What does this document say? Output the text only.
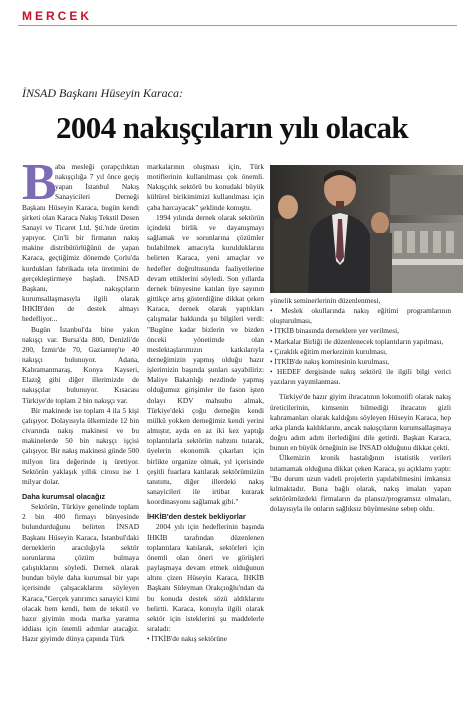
MERCEK
İNSAD Başkanı Hüseyin Karaca:
2004 nakışçıların yılı olacak

B
aba mesleği çorapçılıktan nakışçılığa 7 yıl önce geçiş yapan İstanbul Nakış Sanayicileri Derneği Başkanı Hüseyin Karaca, bugün kendi şirketi olan Karaca Nakış Tekstil Desen Sanayi ve Ticaret Ltd. Şti.'nde üretim yapıyor. Çin'li bir firmanın nakış makine distribütörlüğünü de yapan Karaca, geçtiğimiz dönemde Çorlu'da kurdukları fabrikada tela üretimini de gerçekleştirmeye başladı. İNSAD Başkanı, nakışçıların kurumsallaşmasıyla ilgili olarak İHKİB'den de destek almayı hedefliyor...

Bugün İstanbul'da bine yakın nakışçı var. Bursa'da 800, Denizli'de 200, İzmir'de 70, Gaziantep'te 40 nakışçı bulunuyor. Adana, Kahramanmaraş, Konya Kayseri, Elazığ gibi diğer illerimizde de nakışçılar bulunuyor. Kısacası Türkiye'de toplam 2 bin nakışçı var.

Bir makinede ise toplam 4 ila 5 kişi çalışıyor. Dolayısıyla ülkemizde 12 bin civarında nakış makinesi ve bu makinelerde 50 bin nakışçı işçisi çalışıyor. Bir nakış makinesi günde 500 milyon lira değerinde iş üretiyor. Sektörün yaklaşık yıllık cirosu ise 1 milyar dolar.

Daha kurumsal olacağız

Sektörün, Türkiye genelinde toplam 2 bin 400 firmayı bünyesinde bulundurduğunu belirten İNSAD Başkanı Hüseyin Karaca, İstanbul'daki derneklerin aracılığıyla sektör sorunlarına çözüm bulmaya çalıştıklarını söyledi. Dernek olarak bundan böyle daha kurumsal bir yapı içerisinde çalışacaklarını söyleyen Karaca,"Gerçek yatırımcı sanayici kimi olacak hem kendi, hem de tekstil ve hazır giyimin moda marka yaratma iddiası için önemli adımlar atacağız. Hazır giyimde dünya çapında Türk

markalarının oluşması için, Türk motiflerinin kullanılması çok önemli. Nakışçılık sektörü bu konudaki büyük kültürel birikimimizi kullanılması için çaba harcayacak" şeklinde konuştu.

1994 yılında dernek olarak sektörün içindeki birlik ve dayanışmayı sağlamak ve sorunlarına çözümler bulabilmek amacıyla kurulduklarını belirten Karaca, yeni amaçlar ve hedefler doğrultusunda faaliyetlerine devam ettiklerini söyledi. Son yıllarda dernek bünyesine katılan üye sayının gittikçe artış gösterdiğine dikkat çeken Karaca, dernek olarak yaptıkları çalışmalar hakkında şu bilgileri verdi: "Bugüne kadar bizlerin ve bizden önceki yönetimde olan meslektaşlarımızın katkılarıyla derneğimizin yapmış olduğu hazır işlerimizin başında şunları sayabiliriz: Maliye Bakanlığı nezdinde yapmış olduğumuz girişimler ile fason işten dolayı KDV mahsubu almak, Türkiye'deki çoğu derneğin kendi mülkü yokken derneğimiz kendi yerini almıştır, ayda en az iki kez yaptığı toplantılarla sektörün nabzını tutarak, üyelerin ekonomik çıkarları için birlikte organize olmak, yıl içerisinde çeşitli fuarlara katılarak sektörümüzün tanıtımı, diğer illerdeki nakış sanayicileri ile irtibat kurarak koordinasyonu sağlamak gibi."

İHKİB'den destek bekliyorlar

2004 yılı için hedeflerinin başında İHKİB tarafından düzenlenen toplantılara katılarak, sektörleri için önemli olan öneri ve görüşleri paylaşmaya devam etmek olduğunun altını çizen Hüseyin Karaca, İHKİB Başkanı Süleyman Orakçıoğlu'ndan da bu konuda destek sözü aldıklarını belirtti. Karaca, konuyla ilgili olarak sektör için isteklerini şu maddelerle sıraladı:

• İTKİB'de nakış sektörüne

yönelik seminerlerinin düzenlenmesi,

• Meslek okullarında nakış eğitimi programlarının oluşturulması,

• İTKİB binasında derneklere yer verilmesi,

• Markalar Birliği ile düzenlenecek toplantıların yapılması,

• Çıraklık eğitim merkezinin kurulması,

• İTKİB'de nakış komitesinin kurulması,

• HEDEF dergisinde nakış sektörü ile ilgili bilgi verici yazıların yayımlanması.

Türkiye'de hazır giyim ihracatının lokomotifi olarak nakış üreticilerinin, kimsenin bilmediği ihracatın gizli kahramanları olarak kaldığını söyleyen Hüseyin Karaca, hep arka planda kaldıklarını, ancak nakışçıların kurumsallaşmaya doğru adım adım ilerlediğini dile getirdi. Başkan Karaca, bunun en büyük örneğinin ise İNSAD olduğunu dikkat çekti.

Ülkemizin kronik hastalığının istatistik verileri tutamamak olduğuna dikkat çeken Karaca, şu açıklamı yaptı: "Bu durum uzun vadeli projelerin yapılabilmesini imkansız kılmaktadır. Buna bağlı olarak, nakış imalatı yapan sektörümüzdeki firmaların da plansız/programsız olmaları, dolayısıyla ile onların sağlıksız büyümesine sebep oldu.
